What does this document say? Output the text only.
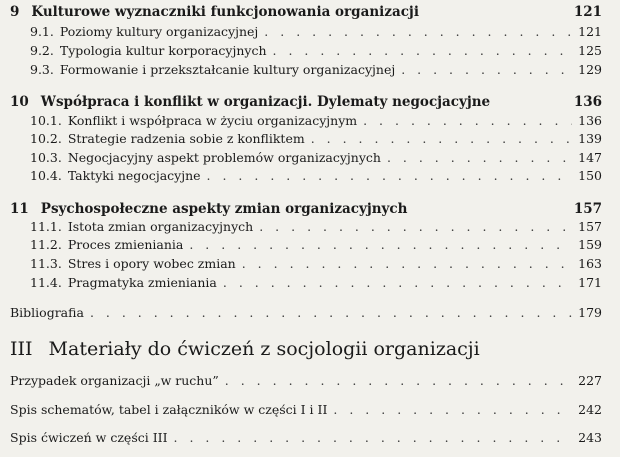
9 Kulturowe wyznaczniki funkcjonowania organizacji	121
9.1. Poziomy kultury organizacyjnej . . .	121
9.2. Typologia kultur korporacyjnych . . .	125
9.3. Formowanie i przekształcanie kultury organizacyjnej . . .	129
10 Współpraca i konflikt w organizacji. Dylematy negocjacyjne	136
10.1. Konflikt i współpraca w życiu organizacyjnym . . .	136
10.2. Strategie radzenia sobie z konfliktem . . .	139
10.3. Negocjacyjny aspekt problemów organizacyjnych . . .	147
10.4. Taktyki negocjacyjne . . .	150
11 Psychospołeczne aspekty zmian organizacyjnych	157
11.1. Istota zmian organizacyjnych . . .	157
11.2. Proces zmieniania . . .	159
11.3. Stres i opory wobec zmian . . .	163
11.4. Pragmatyka zmieniania . . .	171
Bibliografia . . .	179
III Materiały do ćwiczeń z socjologii organizacji
Przypadek organizacji „w ruchu” . . .	227
Spis schematów, tabel i załączników w części I i II . . .	242
Spis ćwiczeń w części III . . .	243
